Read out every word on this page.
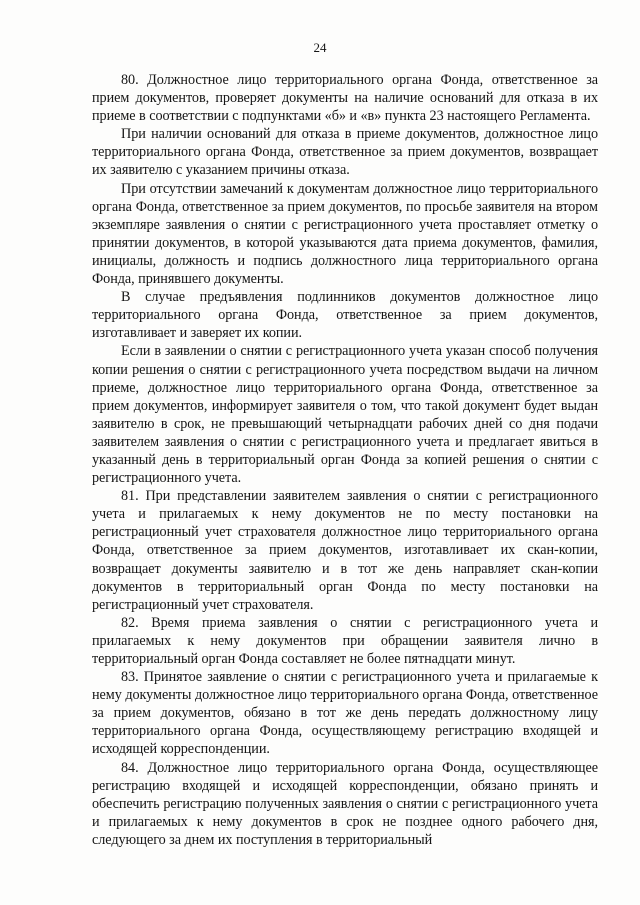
24

80. Должностное лицо территориального органа Фонда, ответственное за прием документов, проверяет документы на наличие оснований для отказа в их приеме в соответствии с подпунктами «б» и «в» пункта 23 настоящего Регламента.

При наличии оснований для отказа в приеме документов, должностное лицо территориального органа Фонда, ответственное за прием документов, возвращает их заявителю с указанием причины отказа.

При отсутствии замечаний к документам должностное лицо территориального органа Фонда, ответственное за прием документов, по просьбе заявителя на втором экземпляре заявления о снятии с регистрационного учета проставляет отметку о принятии документов, в которой указываются дата приема документов, фамилия, инициалы, должность и подпись должностного лица территориального органа Фонда, принявшего документы.

В случае предъявления подлинников документов должностное лицо территориального органа Фонда, ответственное за прием документов, изготавливает и заверяет их копии.

Если в заявлении о снятии с регистрационного учета указан способ получения копии решения о снятии с регистрационного учета посредством выдачи на личном приеме, должностное лицо территориального органа Фонда, ответственное за прием документов, информирует заявителя о том, что такой документ будет выдан заявителю в срок, не превышающий четырнадцати рабочих дней со дня подачи заявителем заявления о снятии с регистрационного учета и предлагает явиться в указанный день в территориальный орган Фонда за копией решения о снятии с регистрационного учета.

81. При представлении заявителем заявления о снятии с регистрационного учета и прилагаемых к нему документов не по месту постановки на регистрационный учет страхователя должностное лицо территориального органа Фонда, ответственное за прием документов, изготавливает их скан-копии, возвращает документы заявителю и в тот же день направляет скан-копии документов в территориальный орган Фонда по месту постановки на регистрационный учет страхователя.

82. Время приема заявления о снятии с регистрационного учета и прилагаемых к нему документов при обращении заявителя лично в территориальный орган Фонда составляет не более пятнадцати минут.

83. Принятое заявление о снятии с регистрационного учета и прилагаемые к нему документы должностное лицо территориального органа Фонда, ответственное за прием документов, обязано в тот же день передать должностному лицу территориального органа Фонда, осуществляющему регистрацию входящей и исходящей корреспонденции.

84. Должностное лицо территориального органа Фонда, осуществляющее регистрацию входящей и исходящей корреспонденции, обязано принять и обеспечить регистрацию полученных заявления о снятии с регистрационного учета и прилагаемых к нему документов в срок не позднее одного рабочего дня, следующего за днем их поступления в территориальный
